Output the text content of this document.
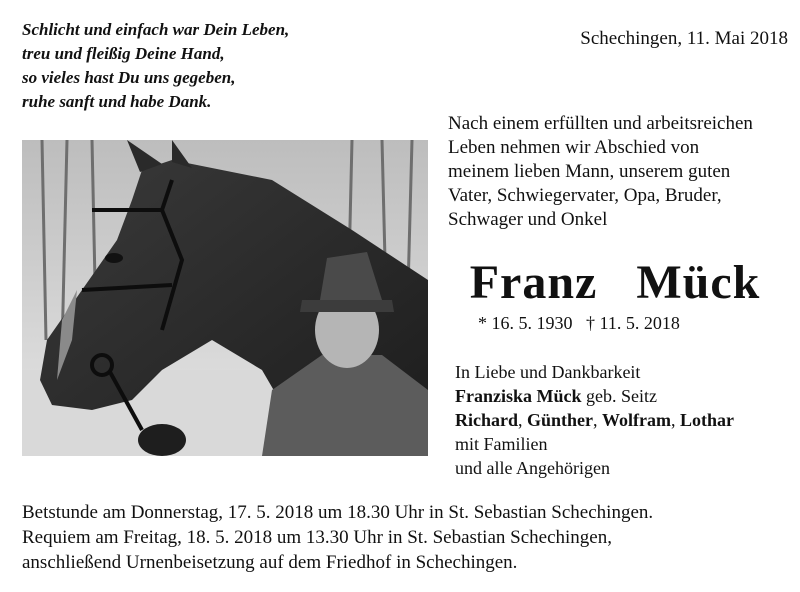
Schlicht und einfach war Dein Leben,
treu und fleißig Deine Hand,
so vieles hast Du uns gegeben,
ruhe sanft und habe Dank.
Schechingen, 11. Mai 2018
Nach einem erfüllten und arbeitsreichen
Leben nehmen wir Abschied von
meinem lieben Mann, unserem guten
Vater, Schwiegervater, Opa, Bruder,
Schwager und Onkel
Franz   Mück
* 16. 5. 1930 † 11. 5. 2018
In Liebe und Dankbarkeit
Franziska Mück geb. Seitz
Richard, Günther, Wolfram, Lothar
mit Familien
und alle Angehörigen
Betstunde am Donnerstag, 17. 5. 2018 um 18.30 Uhr in St. Sebastian Schechingen.
Requiem am Freitag, 18. 5. 2018 um 13.30 Uhr in St. Sebastian Schechingen,
anschließend Urnenbeisetzung auf dem Friedhof in Schechingen.
